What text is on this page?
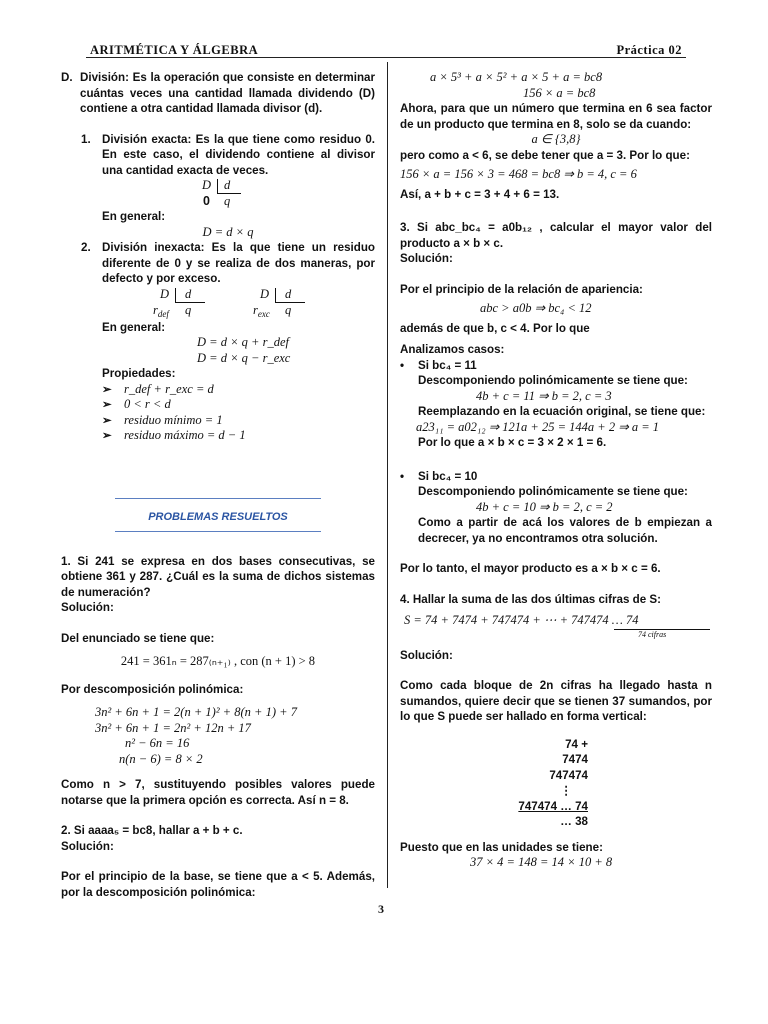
ARITMÉTICA Y ÁLGEBRA	Práctica 02
D. División: Es la operación que consiste en determinar cuántas veces una cantidad llamada dividendo (D) contiene a otra cantidad llamada divisor (d).
1. División exacta: Es la que tiene como residuo 0. En este caso, el dividendo contiene al divisor una cantidad exacta de veces.
D d
0 q
En general:
D = d × q
2. División inexacta: Es la que tiene un residuo diferente de 0 y se realiza de dos maneras, por defecto y por exceso.
D d
$r_{def}$ q
D d
$r_{exc}$ q
En general:
D = d × q + r_def
D = d × q − r_exc
Propiedades:
➢ r_def + r_exc = d
➢ 0 < r < d
➢ residuo mínimo = 1
➢ residuo máximo = d − 1
PROBLEMAS RESUELTOS
1. Si 241 se expresa en dos bases consecutivas, se obtiene 361 y 287. ¿Cuál es la suma de dichos sistemas de numeración?
Solución:
Del enunciado se tiene que:
241 = 361ₙ = 287₍ₙ₊₁₎ , con (n + 1) > 8
Por descomposición polinómica:
3n² + 6n + 1 = 2(n + 1)² + 8(n + 1) + 7
3n² + 6n + 1 = 2n² + 12n + 17
n² − 6n = 16
n(n − 6) = 8 × 2
Como n > 7, sustituyendo posibles valores puede notarse que la primera opción es correcta. Así n = 8.
2. Si aaaa₅ = bc8, hallar a + b + c.
Solución:
Por el principio de la base, se tiene que a < 5. Además, por la descomposición polinómica:
a × 5³ + a × 5² + a × 5 + a = bc8
156 × a = bc8
Ahora, para que un número que termina en 6 sea factor de un producto que termina en 8, solo se da cuando:
a ∈ {3,8}
pero como a < 6, se debe tener que a = 3. Por lo que:
156 × a = 156 × 3 = 468 = bc8 ⇒ b = 4, c = 6
Así, a + b + c = 3 + 4 + 6 = 13.
3. Si abc_bc₄ = a0b₁₂ , calcular el mayor valor del producto a × b × c.
Solución:
Por el principio de la relación de apariencia:
abc > a0b ⇒ bc₄ < 12
además de que b, c < 4. Por lo que
Analizamos casos:
• Si bc₄ = 11
Descomponiendo polinómicamente se tiene que:
4b + c = 11 ⇒ b = 2, c = 3
Reemplazando en la ecuación original, se tiene que:
a23₁₁ = a02₁₂ ⇒ 121a + 25 = 144a + 2 ⇒ a = 1
Por lo que a × b × c = 3 × 2 × 1 = 6.
• Si bc₄ = 10
Descomponiendo polinómicamente se tiene que:
4b + c = 10 ⇒ b = 2, c = 2
Como a partir de acá los valores de b empiezan a decrecer, ya no encontramos otra solución.
Por lo tanto, el mayor producto es a × b × c = 6.
4. Hallar la suma de las dos últimas cifras de S:
S = 74 + 7474 + 747474 + ⋯ + 747474 … 74
74 cifras
Solución:
Como cada bloque de 2n cifras ha llegado hasta n sumandos, quiere decir que se tienen 37 sumandos, por lo que S puede ser hallado en forma vertical:
74 +
7474
747474
⋮
747474 … 74
… 38
Puesto que en las unidades se tiene:
37 × 4 = 148 = 14 × 10 + 8
3
